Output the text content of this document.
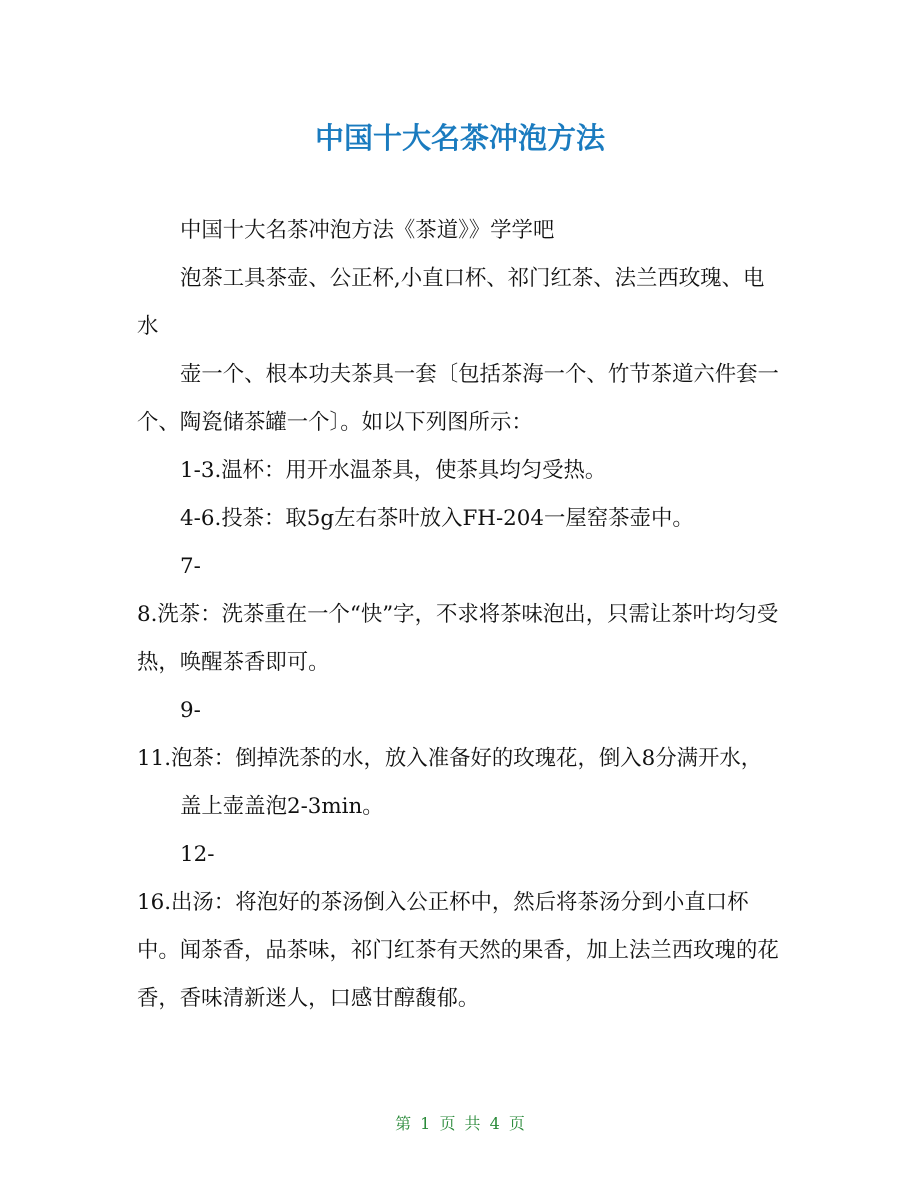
中国十大名茶冲泡方法

中国十大名茶冲泡方法《茶道》》学学吧

泡茶工具茶壶、公正杯,小直口杯、祁门红茶、法兰西玫瑰、电水

壶一个、根本功夫茶具一套〔包括茶海一个、竹节茶道六件套一个、陶瓷储茶罐一个〕。如以下列图所示：

1-3.温杯：用开水温茶具，使茶具均匀受热。

4-6.投茶：取5g左右茶叶放入FH-204一屋窑茶壶中。

7-

8.洗茶：洗茶重在一个“快”字，不求将茶味泡出，只需让茶叶均匀受热，唤醒茶香即可。

9-

11.泡茶：倒掉洗茶的水，放入准备好的玫瑰花，倒入8分满开水，

盖上壶盖泡2-3min。

12-

16.出汤：将泡好的茶汤倒入公正杯中，然后将茶汤分到小直口杯中。闻茶香，品茶味，祁门红茶有天然的果香，加上法兰西玫瑰的花香，香味清新迷人，口感甘醇馥郁。

第 1 页 共 4 页
